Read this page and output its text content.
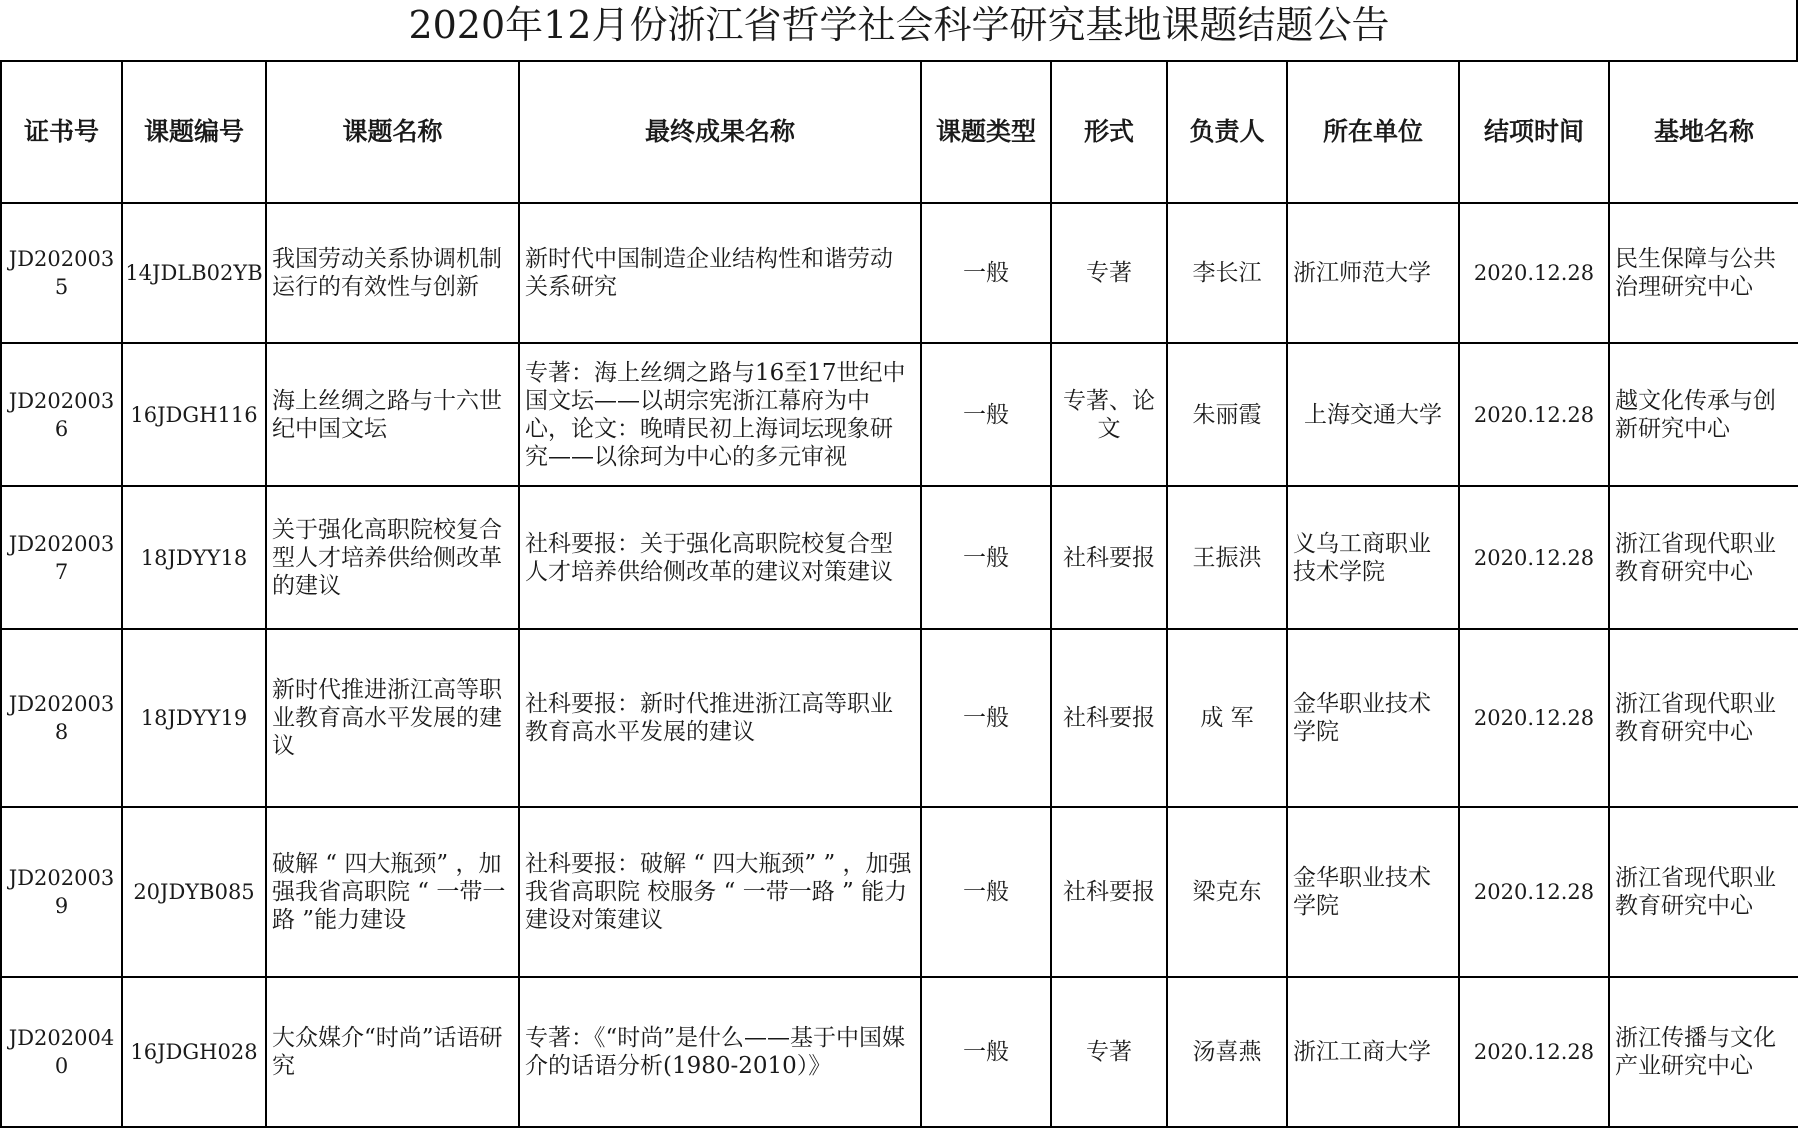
2020年12月份浙江省哲学社会科学研究基地课题结题公告
证书号	课题编号	课题名称	最终成果名称	课题类型	形式	负责人	所在单位	结项时间	基地名称
JD2020035	14JDLB02YB	我国劳动关系协调机制运行的有效性与创新	新时代中国制造企业结构性和谐劳动关系研究	一般	专著	李长江	浙江师范大学	2020.12.28	民生保障与公共治理研究中心
JD2020036	16JDGH116	海上丝绸之路与十六世纪中国文坛	专著：海上丝绸之路与16至17世纪中国文坛——以胡宗宪浙江幕府为中心，论文：晚晴民初上海词坛现象研究——以徐珂为中心的多元审视	一般	专著、论文	朱丽霞	上海交通大学	2020.12.28	越文化传承与创新研究中心
JD2020037	18JDYY18	关于强化高职院校复合型人才培养供给侧改革的建议	社科要报：关于强化高职院校复合型人才培养供给侧改革的建议对策建议	一般	社科要报	王振洪	义乌工商职业技术学院	2020.12.28	浙江省现代职业教育研究中心
JD2020038	18JDYY19	新时代推进浙江高等职业教育高水平发展的建议	社科要报：新时代推进浙江高等职业教育高水平发展的建议	一般	社科要报	成 军	金华职业技术学院	2020.12.28	浙江省现代职业教育研究中心
JD2020039	20JDYB085	破解 “ 四大瓶颈” ，加强我省高职院 “ 一带一路 ”能力建设	社科要报：破解 “ 四大瓶颈” ” ，加强我省高职院 校服务 “ 一带一路 ” 能力建设对策建议	一般	社科要报	梁克东	金华职业技术学院	2020.12.28	浙江省现代职业教育研究中心
JD2020040	16JDGH028	大众媒介“时尚”话语研究	专著：《“时尚”是什么——基于中国媒介的话语分析(1980-2010）》	一般	专著	汤喜燕	浙江工商大学	2020.12.28	浙江传播与文化产业研究中心
